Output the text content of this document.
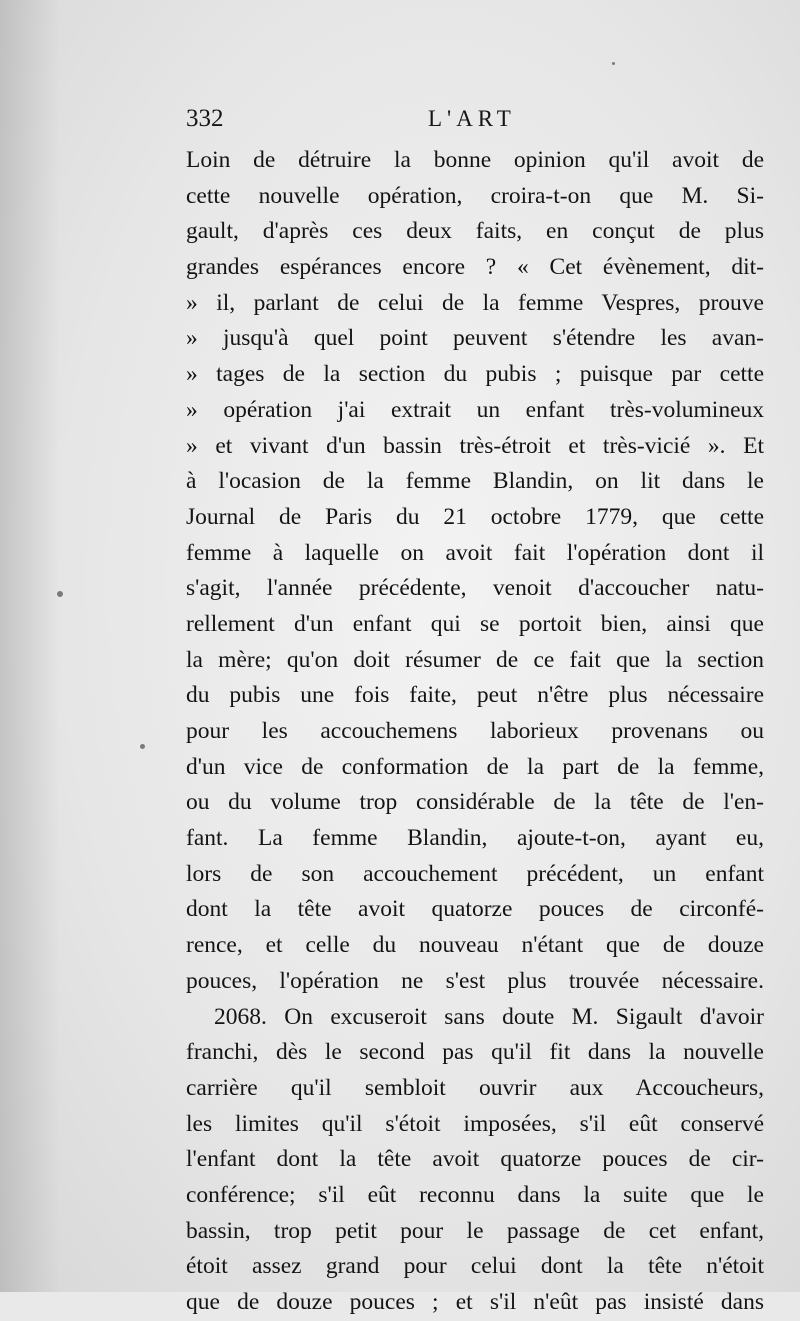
332	L'ART
Loin de détruire la bonne opinion qu'il avoit de
cette nouvelle opération, croira-t-on que M. Si-
gault, d'après ces deux faits, en conçut de plus
grandes espérances encore ? « Cet évènement, dit-
» il, parlant de celui de la femme Vespres, prouve
» jusqu'à quel point peuvent s'étendre les avan-
» tages de la section du pubis ; puisque par cette
» opération j'ai extrait un enfant très-volumineux
» et vivant d'un bassin très-étroit et très-vicié ». Et
à l'ocasion de la femme Blandin, on lit dans le
Journal de Paris du 21 octobre 1779, que cette
femme à laquelle on avoit fait l'opération dont il
s'agit, l'année précédente, venoit d'accoucher natu-
rellement d'un enfant qui se portoit bien, ainsi que
la mère; qu'on doit résumer de ce fait que la section
du pubis une fois faite, peut n'être plus nécessaire
pour les accouchemens laborieux provenans ou
d'un vice de conformation de la part de la femme,
ou du volume trop considérable de la tête de l'en-
fant. La femme Blandin, ajoute-t-on, ayant eu,
lors de son accouchement précédent, un enfant
dont la tête avoit quatorze pouces de circonfé-
rence, et celle du nouveau n'étant que de douze
pouces, l'opération ne s'est plus trouvée nécessaire.
2068. On excuseroit sans doute M. Sigault d'avoir
franchi, dès le second pas qu'il fit dans la nouvelle
carrière qu'il sembloit ouvrir aux Accoucheurs,
les limites qu'il s'étoit imposées, s'il eût conservé
l'enfant dont la tête avoit quatorze pouces de cir-
conférence; s'il eût reconnu dans la suite que le
bassin, trop petit pour le passage de cet enfant,
étoit assez grand pour celui dont la tête n'étoit
que de douze pouces ; et s'il n'eût pas insisté dans
